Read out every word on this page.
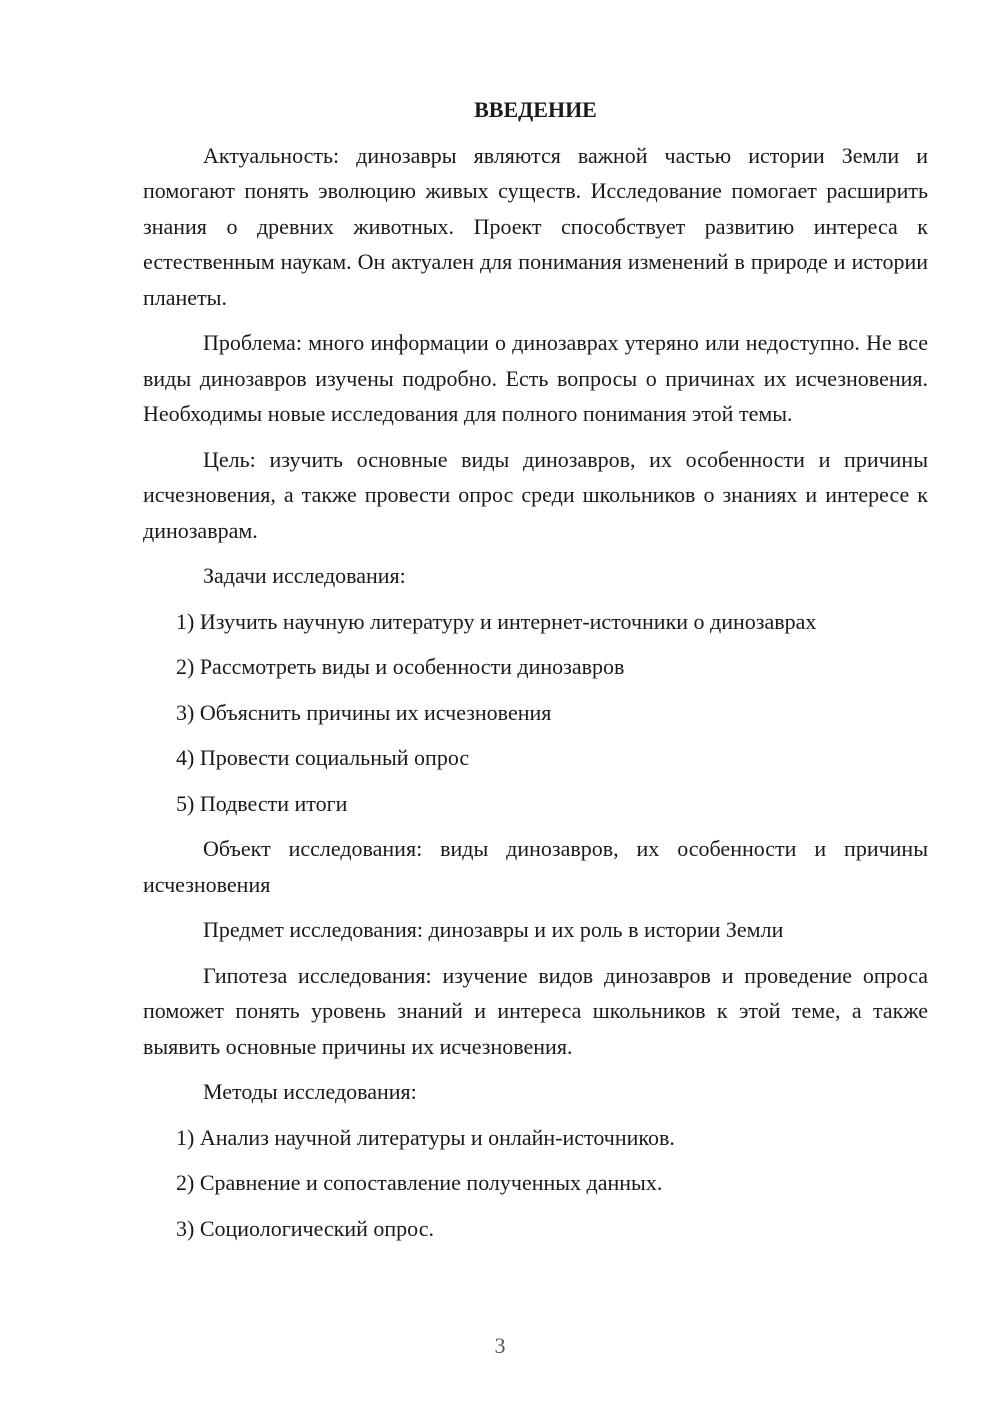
ВВЕДЕНИЕ

Актуальность: динозавры являются важной частью истории Земли и помогают понять эволюцию живых существ. Исследование помогает расширить знания о древних животных. Проект способствует развитию интереса к естественным наукам. Он актуален для понимания изменений в природе и истории планеты.

Проблема: много информации о динозаврах утеряно или недоступно. Не все виды динозавров изучены подробно. Есть вопросы о причинах их исчезновения. Необходимы новые исследования для полного понимания этой темы.

Цель: изучить основные виды динозавров, их особенности и причины исчезновения, а также провести опрос среди школьников о знаниях и интересе к динозаврам.

Задачи исследования:

1) Изучить научную литературу и интернет-источники о динозаврах
2) Рассмотреть виды и особенности динозавров
3) Объяснить причины их исчезновения
4) Провести социальный опрос
5) Подвести итоги

Объект исследования: виды динозавров, их особенности и причины исчезновения

Предмет исследования: динозавры и их роль в истории Земли

Гипотеза исследования: изучение видов динозавров и проведение опроса поможет понять уровень знаний и интереса школьников к этой теме, а также выявить основные причины их исчезновения.

Методы исследования:

1) Анализ научной литературы и онлайн-источников.
2) Сравнение и сопоставление полученных данных.
3) Социологический опрос.
3
